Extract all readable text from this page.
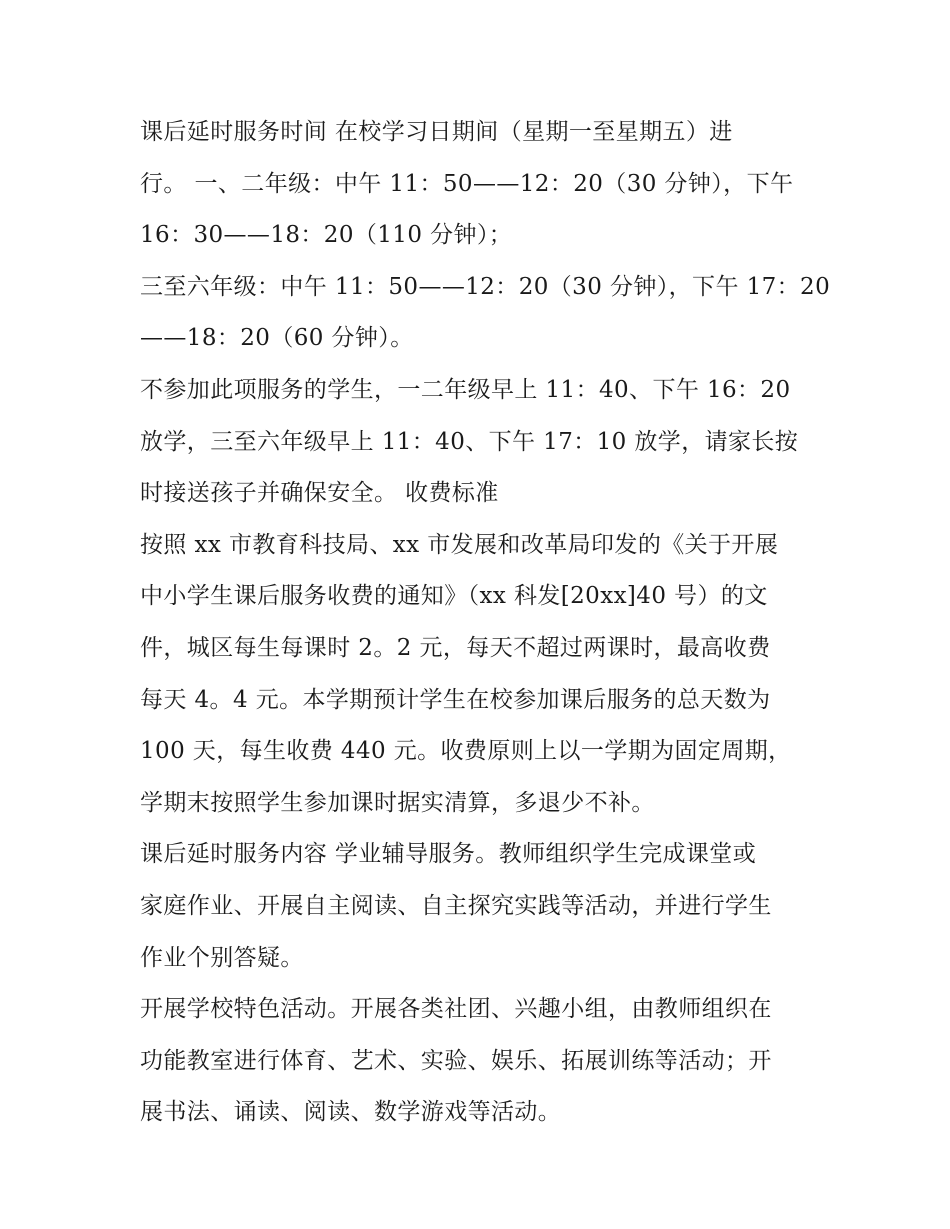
课后延时服务时间 在校学习日期间（星期一至星期五）进

行。 一、二年级：中午 11：50——12：20（30 分钟），下午

16：30——18：20（110 分钟）；

三至六年级：中午 11：50——12：20（30 分钟），下午 17：20

——18：20（60 分钟）。

不参加此项服务的学生，一二年级早上 11：40、下午 16：20

放学，三至六年级早上 11：40、下午 17：10 放学，请家长按

时接送孩子并确保安全。 收费标准

按照 xx 市教育科技局、xx 市发展和改革局印发的《关于开展

中小学生课后服务收费的通知》（xx 科发[20xx]40 号）的文

件，城区每生每课时 2。2 元，每天不超过两课时，最高收费

每天 4。4 元。本学期预计学生在校参加课后服务的总天数为

100 天，每生收费 440 元。收费原则上以一学期为固定周期，

学期末按照学生参加课时据实清算，多退少不补。

课后延时服务内容 学业辅导服务。教师组织学生完成课堂或

家庭作业、开展自主阅读、自主探究实践等活动，并进行学生

作业个别答疑。

开展学校特色活动。开展各类社团、兴趣小组，由教师组织在

功能教室进行体育、艺术、实验、娱乐、拓展训练等活动；开

展书法、诵读、阅读、数学游戏等活动。
